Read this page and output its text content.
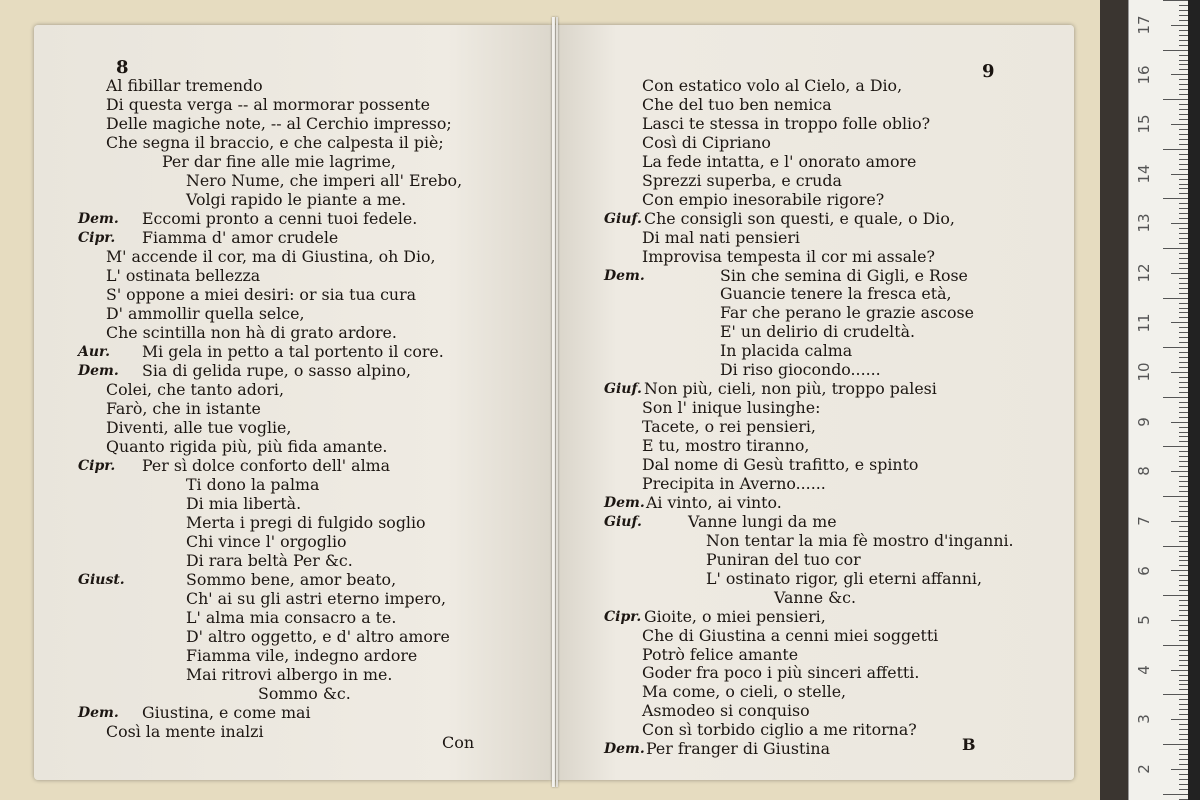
17
16
15
14
13
12
11
10
9
8
7
6
5
4
3
2
8
Al fibillar tremendo
Di questa verga -- al mormorar possente
Delle magiche note, -- al Cerchio impresso;
Che segna il braccio, e che calpesta il piè;
Per dar fine alle mie lagrime,
Nero Nume, che imperi all' Erebo,
Volgi rapido le piante a me.
Dem. Eccomi pronto a cenni tuoi fedele.
Cipr. Fiamma d' amor crudele
M' accende il cor, ma di Giustina, oh Dio,
L' ostinata bellezza
S' oppone a miei desiri: or sia tua cura
D' ammollir quella selce,
Che scintilla non hà di grato ardore.
Aur. Mi gela in petto a tal portento il core.
Dem. Sia di gelida rupe, o sasso alpino,
Colei, che tanto adori,
Farò, che in istante
Diventi, alle tue voglie,
Quanto rigida più, più fida amante.
Cipr. Per sì dolce conforto dell' alma
Ti dono la palma
Di mia libertà.
Merta i pregi di fulgido soglio
Chi vince l' orgoglio
Di rara beltà Per &c.
Giust.	Sommo bene, amor beato,
Ch' ai su gli astri eterno impero,
L' alma mia consacro a te.
D' altro oggetto, e d' altro amore
Fiamma vile, indegno ardore
Mai ritrovi albergo in me.
Sommo &c.
Dem. Giustina, e come mai
Così la mente inalzi
Con
9
Con estatico volo al Cielo, a Dio,
Che del tuo ben nemica
Lasci te stessa in troppo folle oblio?
Così di Cipriano
La fede intatta, e l' onorato amore
Sprezzi superba, e cruda
Con empio inesorabile rigore?
Giuf. Che consigli son questi, e quale, o Dio,
Di mal nati pensieri
Improvisa tempesta il cor mi assale?
Dem.	Sin che semina di Gigli, e Rose
Guancie tenere la fresca età,
Far che perano le grazie ascose
E' un delirio di crudeltà.
In placida calma
Di riso giocondo......
Giuf. Non più, cieli, non più, troppo palesi
Son l' inique lusinghe:
Tacete, o rei pensieri,
E tu, mostro tiranno,
Dal nome di Gesù trafitto, e spinto
Precipita in Averno......
Dem. Ai vinto, ai vinto.
Giuf.	Vanne lungi da me
Non tentar la mia fè mostro d'inganni.
Puniran del tuo cor
L' ostinato rigor, gli eterni affanni,
Vanne &c.
Cipr. Gioite, o miei pensieri,
Che di Giustina a cenni miei soggetti
Potrò felice amante
Goder fra poco i più sinceri affetti.
Ma come, o cieli, o stelle,
Asmodeo si conquiso
Con sì torbido ciglio a me ritorna?
Dem. Per franger di Giustina	B
